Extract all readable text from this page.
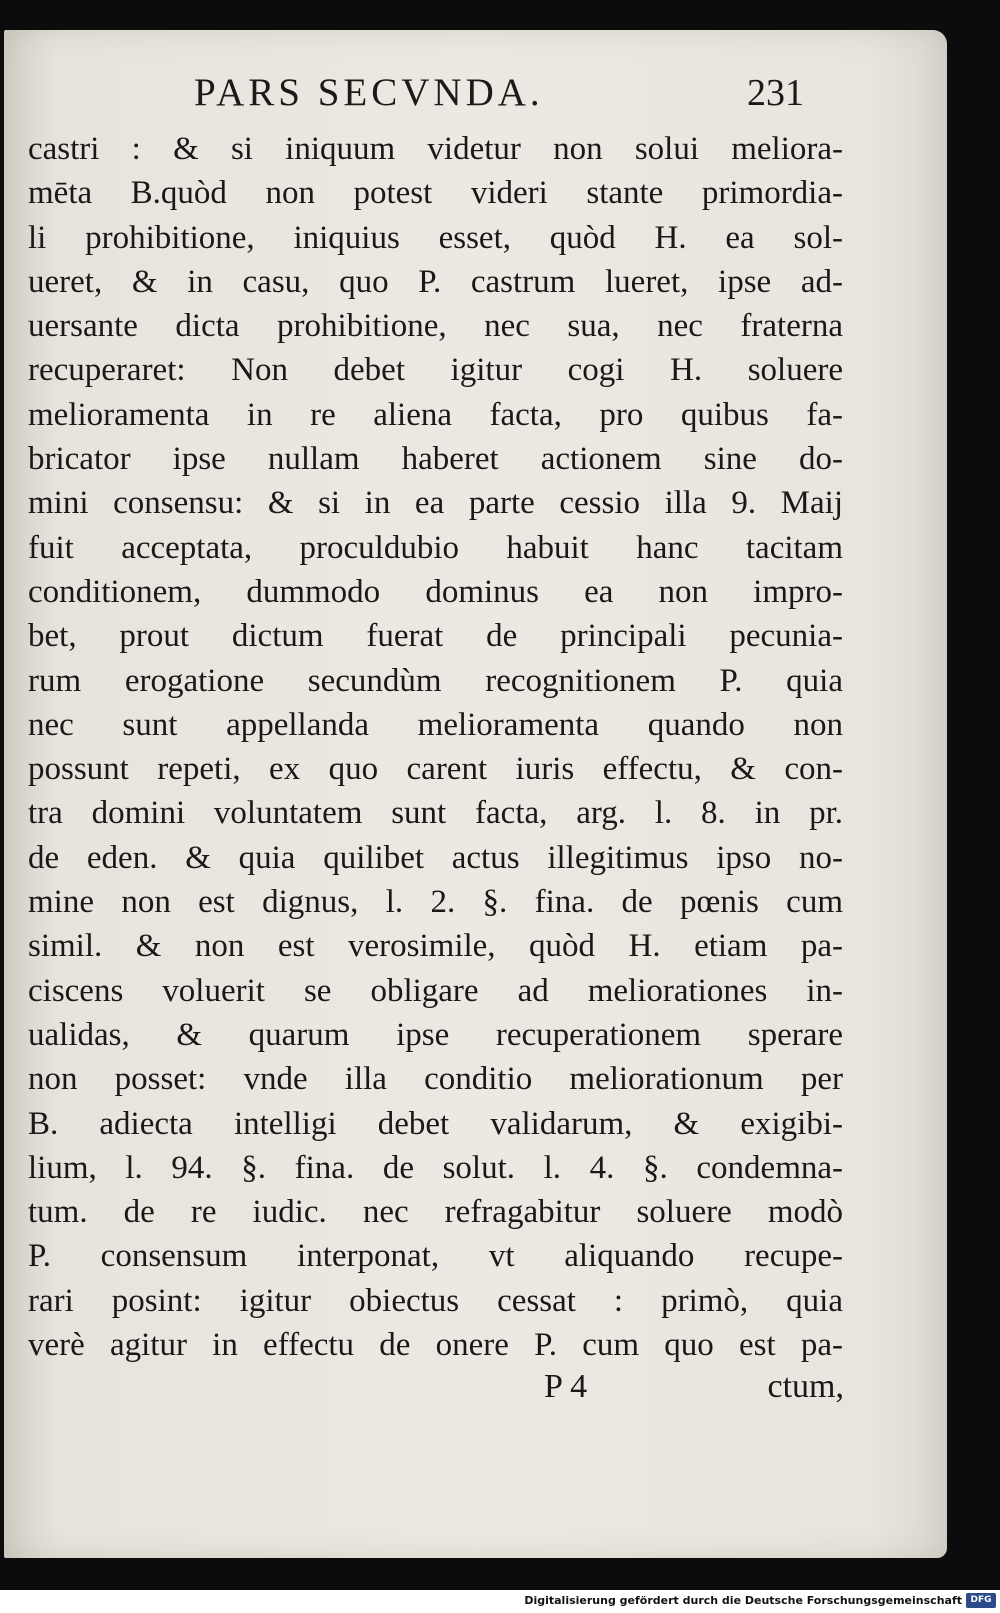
PARS SECVNDA.	231
castri : & si iniquum videtur non solui meliora-
mēta B.quòd non potest videri stante primordia-
li prohibitione, iniquius esset, quòd H. ea sol-
ueret, & in casu, quo P. castrum lueret, ipse ad-
uersante dicta prohibitione, nec sua, nec fraterna
recuperaret: Non debet igitur cogi H. soluere
melioramenta in re aliena facta, pro quibus fa-
bricator ipse nullam haberet actionem sine do-
mini consensu: & si in ea parte cessio illa 9. Maij
fuit acceptata, proculdubio habuit hanc tacitam
conditionem, dummodo dominus ea non impro-
bet, prout dictum fuerat de principali pecunia-
rum erogatione secundùm recognitionem P. quia
nec sunt appellanda melioramenta quando non
possunt repeti, ex quo carent iuris effectu, & con-
tra domini voluntatem sunt facta, arg. l. 8. in pr.
de eden. & quia quilibet actus illegitimus ipso no-
mine non est dignus, l. 2. §. fina. de pœnis cum
simil. & non est verosimile, quòd H. etiam pa-
ciscens voluerit se obligare ad meliorationes in-
ualidas, & quarum ipse recuperationem sperare
non posset: vnde illa conditio meliorationum per
B. adiecta intelligi debet validarum, & exigibi-
lium, l. 94. §. fina. de solut. l. 4. §. condemna-
tum. de re iudic. nec refragabitur soluere modò
P. consensum interponat, vt aliquando recupe-
rari posint: igitur obiectus cessat : primò, quia
verè agitur in effectu de onere P. cum quo est pa-
P 4	ctum,
Digitalisierung gefördert durch die Deutsche Forschungsgemeinschaft DFG
